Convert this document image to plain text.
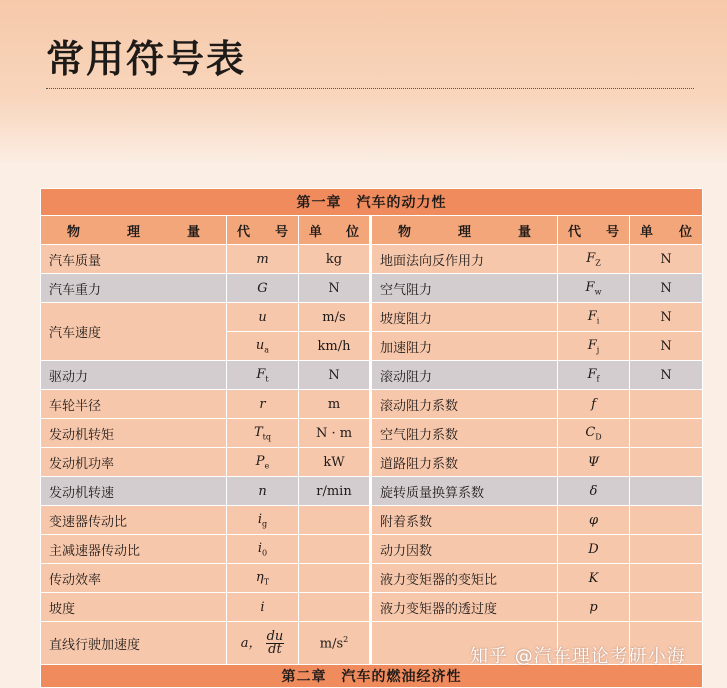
常用符号表
第一章　汽车的动力性					
物理量	代号	单位	物理量	代号	单位
汽车质量	m	kg	地面法向反作用力	$F_Z$	N
汽车重力	G	N	空气阻力	$F_w$	N
汽车速度	u	m/s	坡度阻力	$F_i$	N
	$u_a$	km/h	加速阻力	$F_j$	N
驱动力	$F_t$	N	滚动阻力	$F_f$	N
车轮半径	r	m	滚动阻力系数	f	
发动机转矩	$T_{tq}$	N · m	空气阻力系数	$C_D$	
发动机功率	$P_e$	kW	道路阻力系数	Ψ	
发动机转速	n	r/min	旋转质量换算系数	δ	
变速器传动比	$i_g$		附着系数	φ	
主减速器传动比	$i_0$		动力因数	D	
传动效率	$\eta_T$		液力变矩器的变矩比	K	
坡度	i		液力变矩器的透过度	p	
直线行驶加速度	a， $\frac{du}{dt}$	$m/s^2$			
第二章　汽车的燃油经济性					
知乎 @汽车理论考研小海
